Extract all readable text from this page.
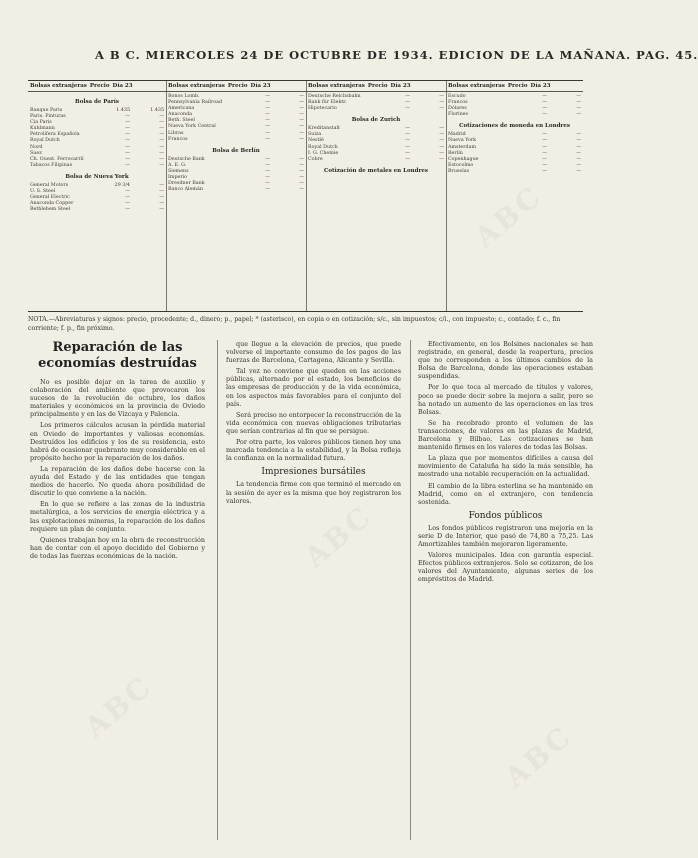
ABC
ABC
ABC
ABC
A B C. MIERCOLES 24 DE OCTUBRE DE 1934. EDICION DE LA MAÑANA. PAG. 45.
Bolsas extranjeras Precio Día 23
Bolsa de París
Banque Paris	1.435	1.435
Paris. Pinturas	—	—
Cía Paris	—	—
Kuhlmann	—	—
Petrolífera Española	—	—
Royal Dutch	—	—
Nord	—	—
Suez	—	—
Ch. Ouest. Ferrocarril	—	—
Tabacos Filipinas	—	—
Bolsa de Nueva York
General Motors	29 3/4	—
U. S. Steel	—	—
General Electric	—	—
Anaconda Copper	—	—
Bethlehem Steel	—	—
Bolsas extranjeras Precio Día 23
Bonos Lomb.	—	—
Pennsylvania Railroad	—	—
Americana	—	—
Anaconda	—	—
Beth. Steel	—	—
Nueva York Central	—	—
Libras	—	—
Francos	—	—
Bolsa de Berlín
Deutsche Bank	—	—
A. E. G.	—	—
Siemens	—	—
Imperio	—	—
Dresdner Bank	—	—
Banco Alemán	—	—
Bolsas extranjeras Precio Día 23
Deutsche Reichsbahn	—	—
Bank für Elektr.	—	—
Hipotecario	—	—
Bolsa de Zurich
Kreditanstalt	—	—
Suiza	—	—
Nestlé	—	—
Royal Dutch	—	—
I. G. Chemie	—	—
Cobre	—	—
Cotización de metales en Londres
Bolsas extranjeras Precio Día 23
Escudo	—	—
Francos	—	—
Dólares	—	—
Florines	—	—
Cotizaciones de moneda en Londres
Madrid	—	—
Nueva York	—	—
Amsterdam	—	—
Berlín	—	—
Copenhague	—	—
Estocolmo	—	—
Bruselas	—	—
NOTA.—Abreviaturas y signos: precio, procedente; d., dinero; p., papel; * (asterisco), en copia o en cotización; s/c., sin impuestos; c/i., con impuesto; c., contado; f. c., fin corriente; f. p., fin próximo.
Reparación de las economías destruídas

No es posible dejar en la tarea de auxilio y colaboración del ambiente que provocaron los sucesos de la revolución de octubre, los daños materiales y económicos en la provincia de Oviedo principalmente y en las de Vizcaya y Palencia.

Los primeros cálculos acusan la pérdida material en Oviedo de importantes y valiosas economías. Destruídos los edificios y los de su residencia, esto habrá de ocasionar quebranto muy considerable en el propósito hecho por la reparación de los daños.

La reparación de los daños debe hacerse con la ayuda del Estado y de las entidades que tengan medios de hacerlo. No queda ahora posibilidad de discutir lo que conviene a la nación.

En lo que se refiere a las zonas de la industria metalúrgica, a los servicios de energía eléctrica y a las explotaciones mineras, la reparación de los daños requiere un plan de conjunto.

Quienes trabajan hoy en la obra de reconstrucción han de contar con el apoyo decidido del Gobierno y de todas las fuerzas económicas de la nación.

que llegue a la elevación de precios, que puede volverse el importante consumo de los pagos de las fuerzas de Barcelona, Cartagena, Alicante y Sevilla.

Tal vez no conviene que queden en las acciones públicas, alternado por el estado, los beneficios de las empresas de producción y de la vida económica, en los aspectos más favorables para el conjunto del país.

Será preciso no entorpecer la reconstrucción de la vida económica con nuevas obligaciones tributarias que serían contrarias al fin que se persigue.

Por otra parte, los valores públicos tienen hoy una marcada tendencia a la estabilidad, y la Bolsa refleja la confianza en la normalidad futura.

Impresiones bursátiles

La tendencia firme con que terminó el mercado en la sesión de ayer es la misma que hoy registraron los valores.

Efectivamente, en los Bolsines nacionales se han registrado, en general, desde la reapertura, precios que no corresponden a los últimos cambios de la Bolsa de Barcelona, donde las operaciones estaban suspendidas.

Por lo que toca al mercado de títulos y valores, poco se puede decir sobre la mejora a salir, pero se ha notado un aumento de las operaciones en las tres Bolsas.

Se ha recobrado pronto el volumen de las transacciones, de valores en las plazas de Madrid, Barcelona y Bilbao. Las cotizaciones se han mantenido firmes en los valores de todas las Bolsas.

La plaza que por momentos difíciles a causa del movimiento de Cataluña ha sido la más sensible, ha mostrado una notable recuperación en la actualidad.

El cambio de la libra esterlina se ha mantenido en Madrid, como en el extranjero, con tendencia sostenida.

Fondos públicos

Los fondos públicos registraron una mejoría en la serie D de Interior, que pasó de 74,80 a 75,25. Las Amortizables también mejoraron ligeramente.

Valores municipales. Idea con garantía especial. Efectos públicos extranjeros. Solo se cotizaron, de los valores del Ayuntamiento, algunas series de los empréstitos de Madrid.
